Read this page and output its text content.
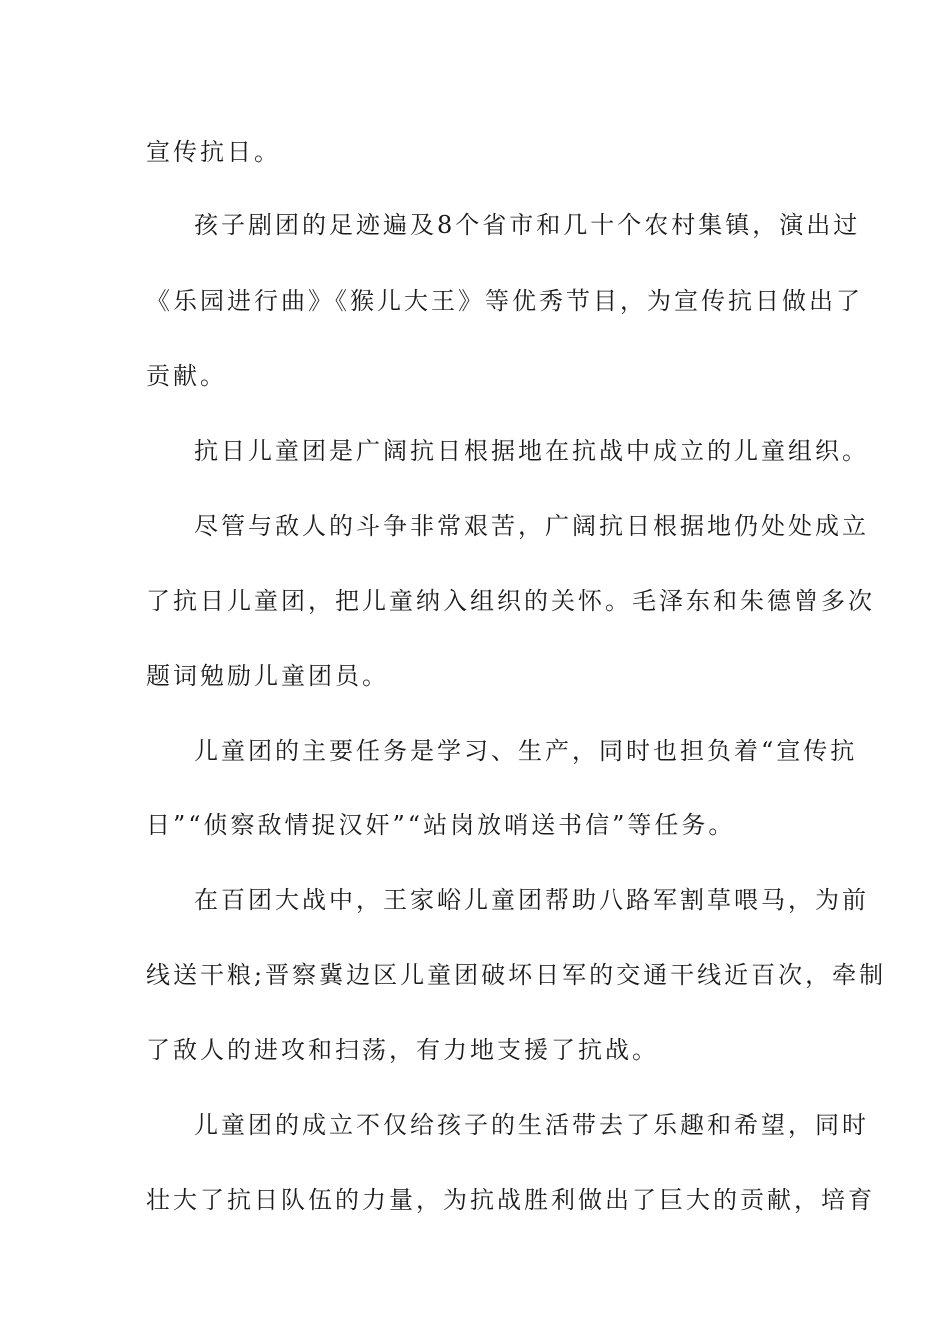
宣传抗日。
孩子剧团的足迹遍及8个省市和几十个农村集镇，演出过
《乐园进行曲》《猴儿大王》等优秀节目，为宣传抗日做出了
贡献。
抗日儿童团是广阔抗日根据地在抗战中成立的儿童组织。
尽管与敌人的斗争非常艰苦，广阔抗日根据地仍处处成立
了抗日儿童团，把儿童纳入组织的关怀。毛泽东和朱德曾多次
题词勉励儿童团员。
儿童团的主要任务是学习、生产，同时也担负着“宣传抗
日”“侦察敌情捉汉奸”“站岗放哨送书信”等任务。
在百团大战中，王家峪儿童团帮助八路军割草喂马，为前
线送干粮;晋察冀边区儿童团破坏日军的交通干线近百次，牵制
了敌人的进攻和扫荡，有力地支援了抗战。
儿童团的成立不仅给孩子的生活带去了乐趣和希望，同时
壮大了抗日队伍的力量，为抗战胜利做出了巨大的贡献，培育
